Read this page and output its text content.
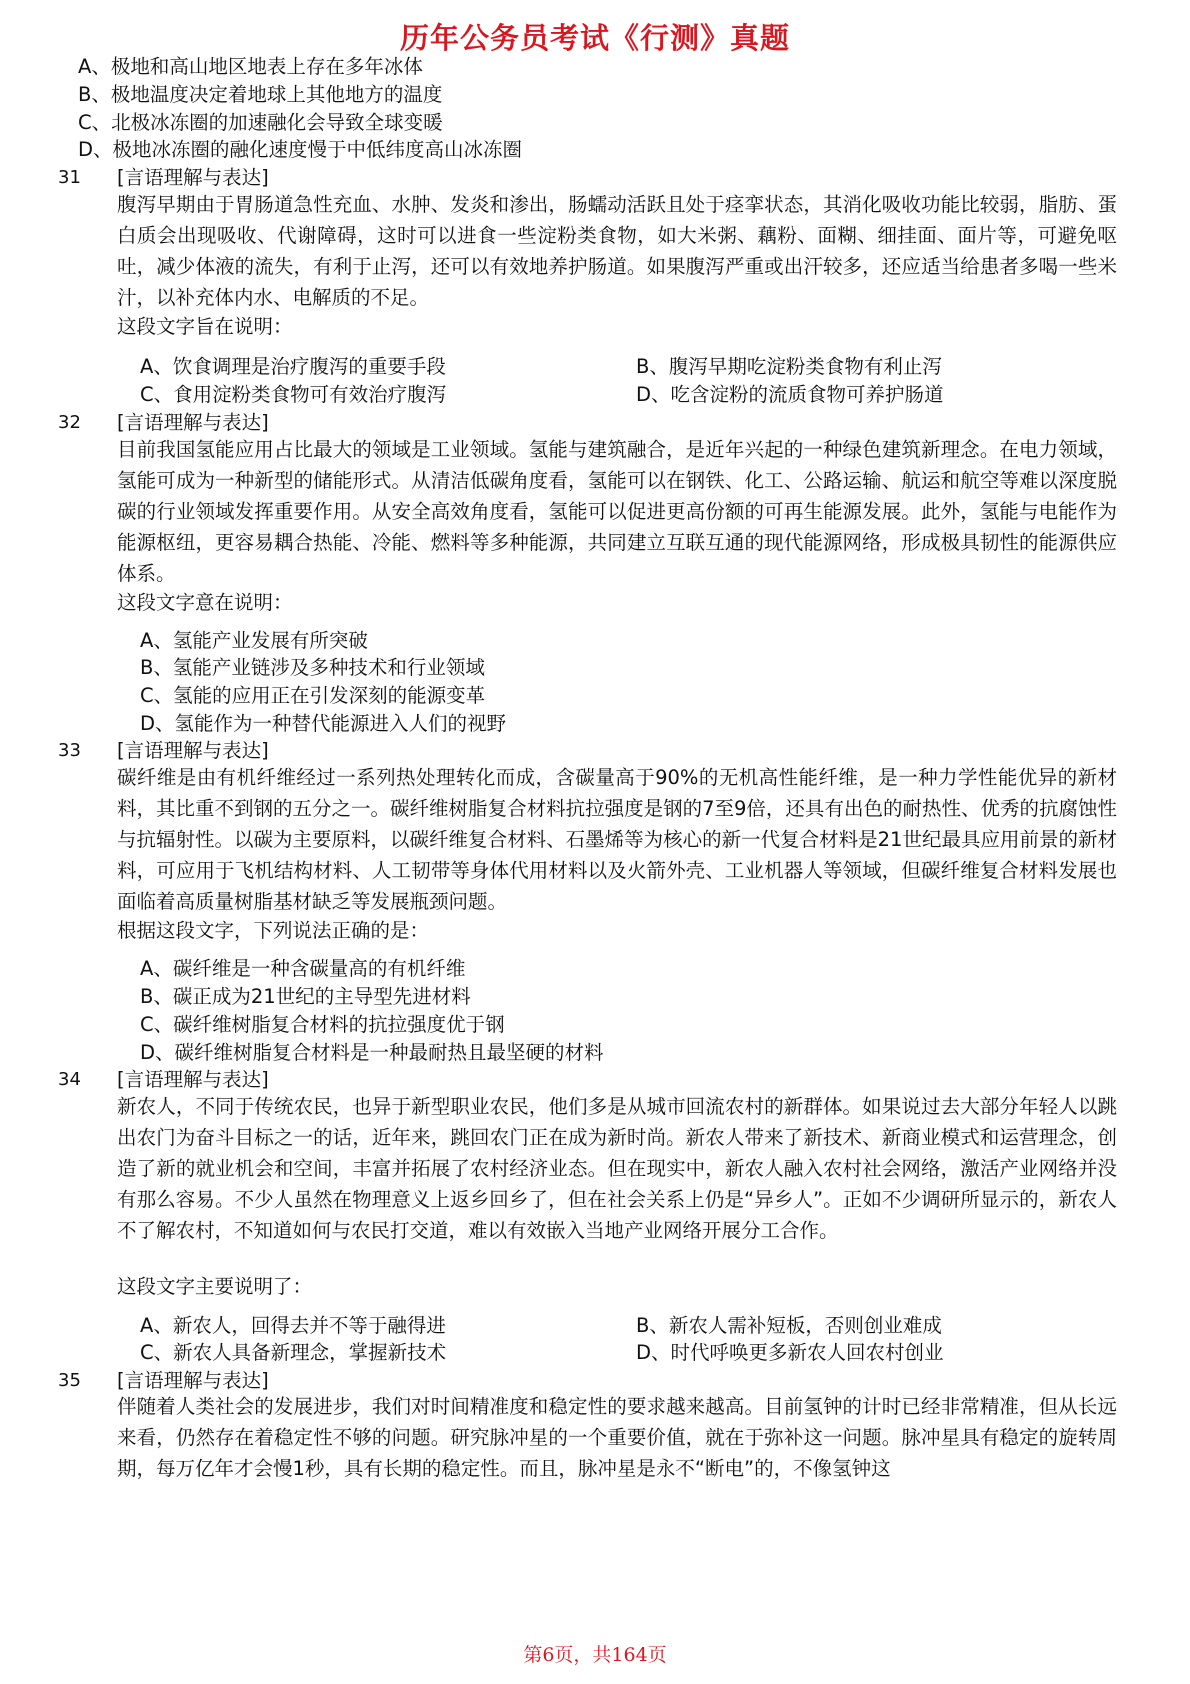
历年公务员考试《行测》真题
A、极地和高山地区地表上存在多年冰体
B、极地温度决定着地球上其他地方的温度
C、北极冰冻圈的加速融化会导致全球变暖
D、极地冰冻圈的融化速度慢于中低纬度高山冰冻圈
31 [言语理解与表达]
腹泻早期由于胃肠道急性充血、水肿、发炎和渗出，肠蠕动活跃且处于痉挛状态，其消化吸收功能比较弱，脂肪、蛋白质会出现吸收、代谢障碍，这时可以进食一些淀粉类食物，如大米粥、藕粉、面糊、细挂面、面片等，可避免呕吐，减少体液的流失，有利于止泻，还可以有效地养护肠道。如果腹泻严重或出汗较多，还应适当给患者多喝一些米汁，以补充体内水、电解质的不足。
这段文字旨在说明：
A、饮食调理是治疗腹泻的重要手段	B、腹泻早期吃淀粉类食物有利止泻
C、食用淀粉类食物可有效治疗腹泻	D、吃含淀粉的流质食物可养护肠道
32 [言语理解与表达]
目前我国氢能应用占比最大的领域是工业领域。氢能与建筑融合，是近年兴起的一种绿色建筑新理念。在电力领域，氢能可成为一种新型的储能形式。从清洁低碳角度看，氢能可以在钢铁、化工、公路运输、航运和航空等难以深度脱碳的行业领域发挥重要作用。从安全高效角度看，氢能可以促进更高份额的可再生能源发展。此外，氢能与电能作为能源枢纽，更容易耦合热能、冷能、燃料等多种能源，共同建立互联互通的现代能源网络，形成极具韧性的能源供应体系。
这段文字意在说明：
A、氢能产业发展有所突破
B、氢能产业链涉及多种技术和行业领域
C、氢能的应用正在引发深刻的能源变革
D、氢能作为一种替代能源进入人们的视野
33 [言语理解与表达]
碳纤维是由有机纤维经过一系列热处理转化而成，含碳量高于90%的无机高性能纤维，是一种力学性能优异的新材料，其比重不到钢的五分之一。碳纤维树脂复合材料抗拉强度是钢的7至9倍，还具有出色的耐热性、优秀的抗腐蚀性与抗辐射性。以碳为主要原料，以碳纤维复合材料、石墨烯等为核心的新一代复合材料是21世纪最具应用前景的新材料，可应用于飞机结构材料、人工韧带等身体代用材料以及火箭外壳、工业机器人等领域，但碳纤维复合材料发展也面临着高质量树脂基材缺乏等发展瓶颈问题。
根据这段文字，下列说法正确的是：
A、碳纤维是一种含碳量高的有机纤维
B、碳正成为21世纪的主导型先进材料
C、碳纤维树脂复合材料的抗拉强度优于钢
D、碳纤维树脂复合材料是一种最耐热且最坚硬的材料
34 [言语理解与表达]
新农人，不同于传统农民，也异于新型职业农民，他们多是从城市回流农村的新群体。如果说过去大部分年轻人以跳出农门为奋斗目标之一的话，近年来，跳回农门正在成为新时尚。新农人带来了新技术、新商业模式和运营理念，创造了新的就业机会和空间，丰富并拓展了农村经济业态。但在现实中，新农人融入农村社会网络，激活产业网络并没有那么容易。不少人虽然在物理意义上返乡回乡了，但在社会关系上仍是“异乡人”。正如不少调研所显示的，新农人不了解农村，不知道如何与农民打交道，难以有效嵌入当地产业网络开展分工合作。
这段文字主要说明了：
A、新农人，回得去并不等于融得进	B、新农人需补短板，否则创业难成
C、新农人具备新理念，掌握新技术	D、时代呼唤更多新农人回农村创业
35 [言语理解与表达]
伴随着人类社会的发展进步，我们对时间精准度和稳定性的要求越来越高。目前氢钟的计时已经非常精准，但从长远来看，仍然存在着稳定性不够的问题。研究脉冲星的一个重要价值，就在于弥补这一问题。脉冲星具有稳定的旋转周期，每万亿年才会慢1秒，具有长期的稳定性。而且，脉冲星是永不“断电”的，不像氢钟这
第6页，共164页
